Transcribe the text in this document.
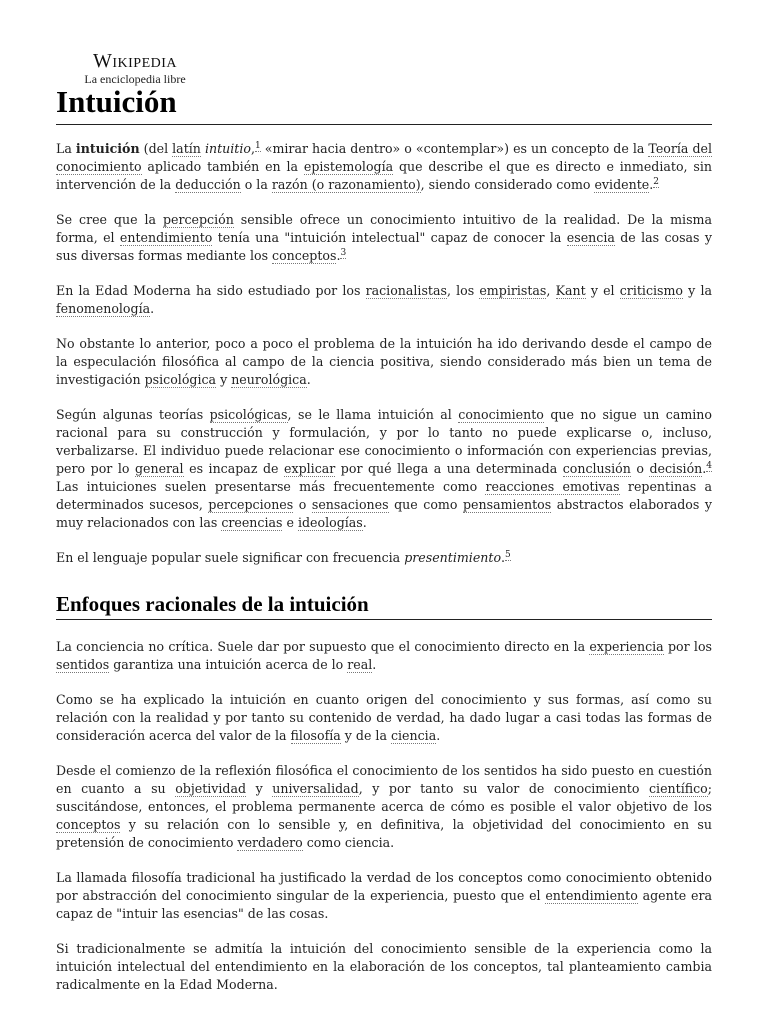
Wikipedia
La enciclopedia libre
Intuición

La intuición (del latín intuitio,$^1$ «mirar hacia dentro» o «contemplar») es un concepto de la Teoría del conocimiento aplicado también en la epistemología que describe el que es directo e inmediato, sin intervención de la deducción o la razón (o razonamiento), siendo considerado como evidente.$^2$

Se cree que la percepción sensible ofrece un conocimiento intuitivo de la realidad. De la misma forma, el entendimiento tenía una "intuición intelectual" capaz de conocer la esencia de las cosas y sus diversas formas mediante los conceptos.$^3$

En la Edad Moderna ha sido estudiado por los racionalistas, los empiristas, Kant y el criticismo y la fenomenología.

No obstante lo anterior, poco a poco el problema de la intuición ha ido derivando desde el campo de la especulación filosófica al campo de la ciencia positiva, siendo considerado más bien un tema de investigación psicológica y neurológica.

Según algunas teorías psicológicas, se le llama intuición al conocimiento que no sigue un camino racional para su construcción y formulación, y por lo tanto no puede explicarse o, incluso, verbalizarse. El individuo puede relacionar ese conocimiento o información con experiencias previas, pero por lo general es incapaz de explicar por qué llega a una determinada conclusión o decisión.$^4$ Las intuiciones suelen presentarse más frecuentemente como reacciones emotivas repentinas a determinados sucesos, percepciones o sensaciones que como pensamientos abstractos elaborados y muy relacionados con las creencias e ideologías.

En el lenguaje popular suele significar con frecuencia presentimiento.$^5$

Enfoques racionales de la intuición

La conciencia no crítica. Suele dar por supuesto que el conocimiento directo en la experiencia por los sentidos garantiza una intuición acerca de lo real.

Como se ha explicado la intuición en cuanto origen del conocimiento y sus formas, así como su relación con la realidad y por tanto su contenido de verdad, ha dado lugar a casi todas las formas de consideración acerca del valor de la filosofía y de la ciencia.

Desde el comienzo de la reflexión filosófica el conocimiento de los sentidos ha sido puesto en cuestión en cuanto a su objetividad y universalidad, y por tanto su valor de conocimiento científico; suscitándose, entonces, el problema permanente acerca de cómo es posible el valor objetivo de los conceptos y su relación con lo sensible y, en definitiva, la objetividad del conocimiento en su pretensión de conocimiento verdadero como ciencia.

La llamada filosofía tradicional ha justificado la verdad de los conceptos como conocimiento obtenido por abstracción del conocimiento singular de la experiencia, puesto que el entendimiento agente era capaz de "intuir las esencias" de las cosas.

Si tradicionalmente se admitía la intuición del conocimiento sensible de la experiencia como la intuición intelectual del entendimiento en la elaboración de los conceptos, tal planteamiento cambia radicalmente en la Edad Moderna.
